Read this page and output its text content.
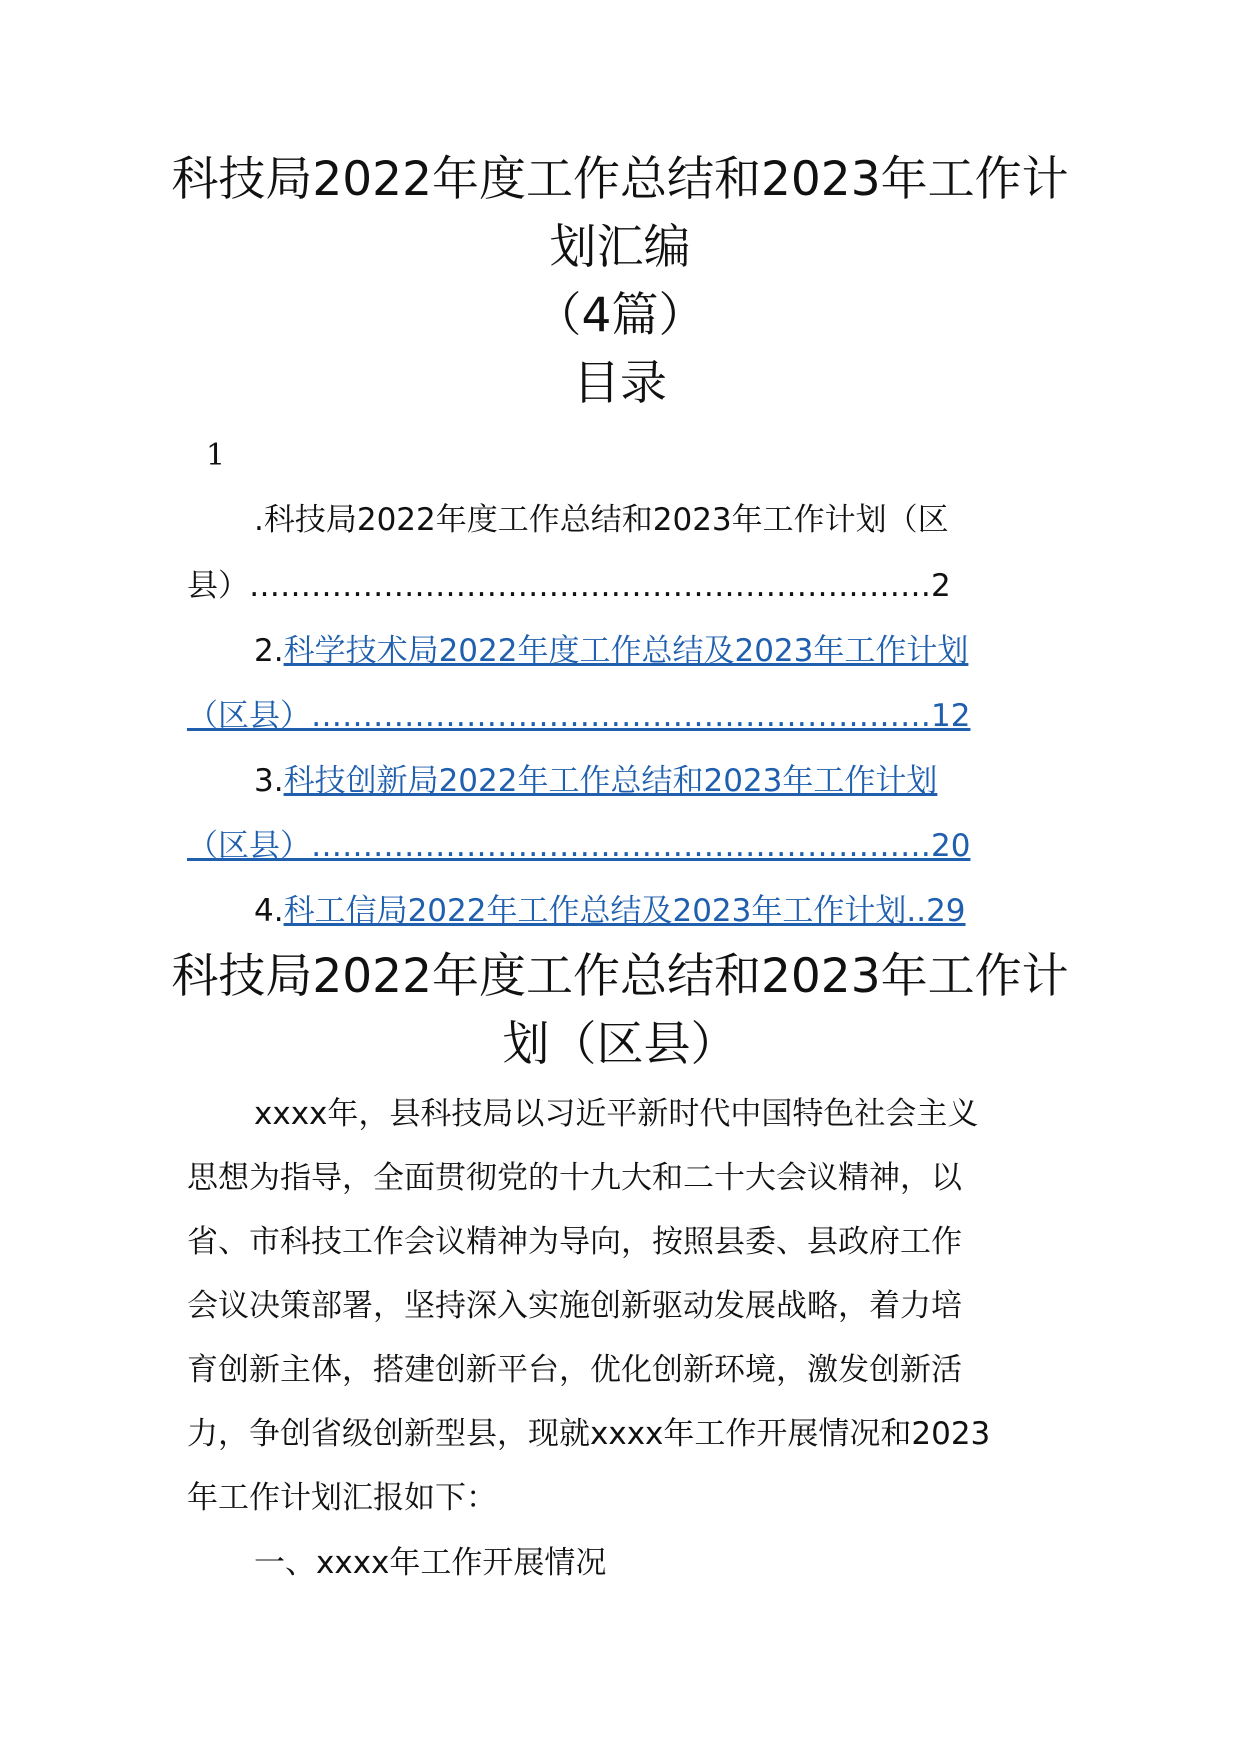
科技局2022年度工作总结和2023年工作计
划汇编
（4篇）
目录
1
.科技局2022年度工作总结和2023年工作计划（区
县）…………………………………………………………2
2.科学技术局2022年度工作总结及2023年工作计划
（区县）……………………………………………………12
3.科技创新局2022年工作总结和2023年工作计划
（区县）……………………………………………………20
4.科工信局2022年工作总结及2023年工作计划..29
科技局2022年度工作总结和2023年工作计
划（区县）
xxxx年，县科技局以习近平新时代中国特色社会主义
思想为指导，全面贯彻党的十九大和二十大会议精神，以
省、市科技工作会议精神为导向，按照县委、县政府工作
会议决策部署，坚持深入实施创新驱动发展战略，着力培
育创新主体，搭建创新平台，优化创新环境，激发创新活
力，争创省级创新型县，现就xxxx年工作开展情况和2023
年工作计划汇报如下：
一、xxxx年工作开展情况
